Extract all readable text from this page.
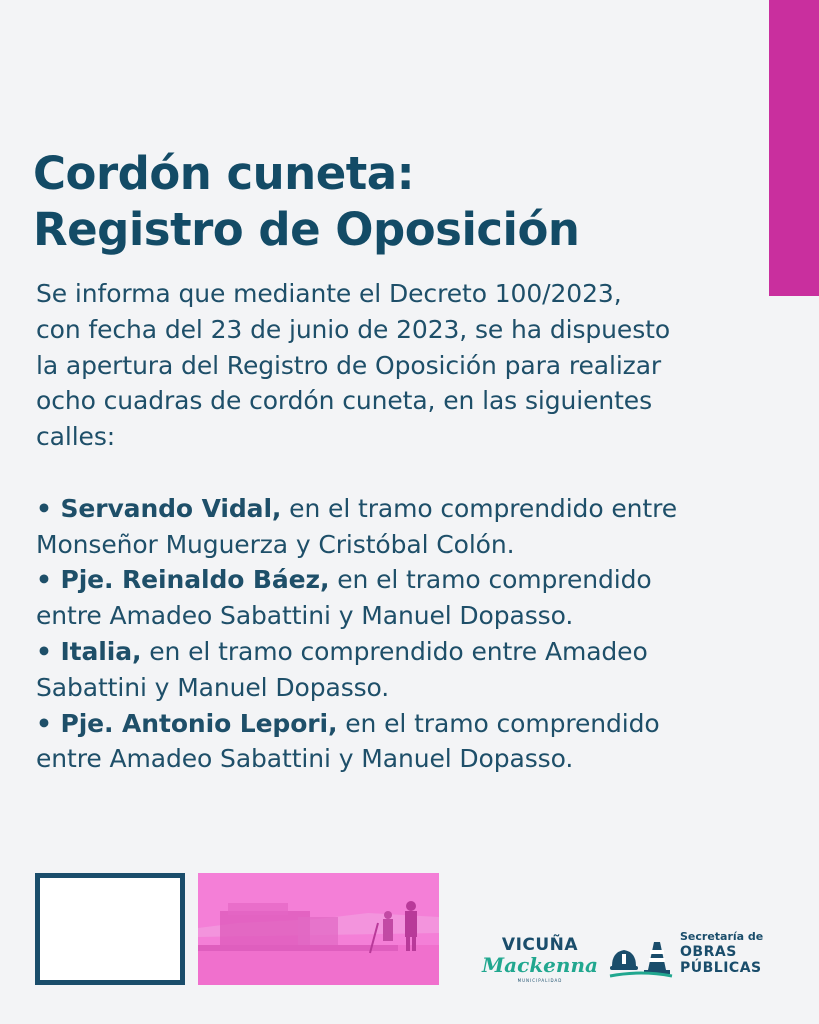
Cordón cuneta:
Registro de Oposición

Se informa que mediante el Decreto 100/2023,
con fecha del 23 de junio de 2023, se ha dispuesto
la apertura del Registro de Oposición para realizar
ocho cuadras de cordón cuneta, en las siguientes
calles:

• Servando Vidal, en el tramo comprendido entre
Monseñor Muguerza y Cristóbal Colón.
• Pje. Reinaldo Báez, en el tramo comprendido
entre Amadeo Sabattini y Manuel Dopasso.
• Italia, en el tramo comprendido entre Amadeo
Sabattini y Manuel Dopasso.
• Pje. Antonio Lepori, en el tramo comprendido
entre Amadeo Sabattini y Manuel Dopasso.
VICUÑA
Mackenna
MUNICIPALIDAD
Secretaría de
OBRAS
PÚBLICAS
